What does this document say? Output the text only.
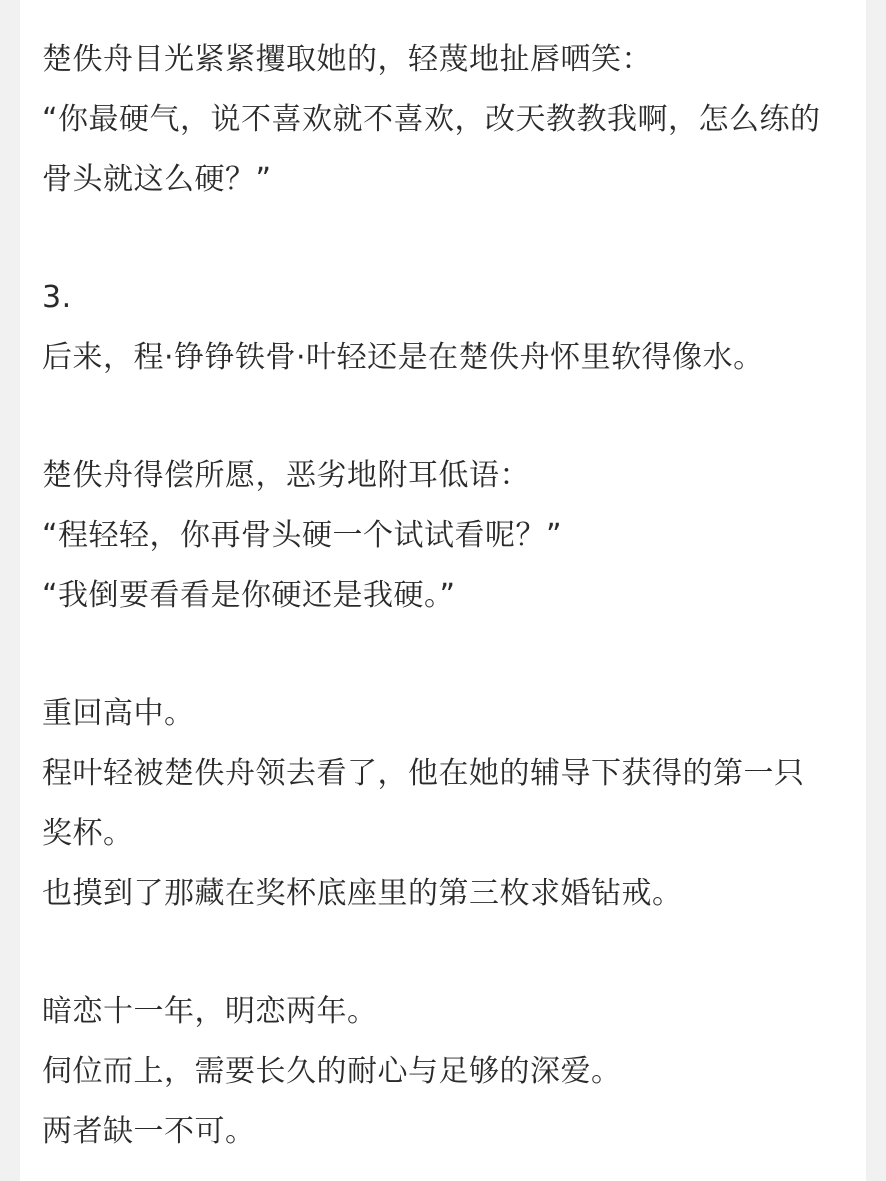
楚佚舟目光紧紧攫取她的，轻蔑地扯唇哂笑：
“你最硬气，说不喜欢就不喜欢，改天教教我啊，怎么练的
骨头就这么硬？”
3.
后来，程·铮铮铁骨·叶轻还是在楚佚舟怀里软得像水。
楚佚舟得偿所愿，恶劣地附耳低语：
“程轻轻，你再骨头硬一个试试看呢？”
“我倒要看看是你硬还是我硬。”
重回高中。
程叶轻被楚佚舟领去看了，他在她的辅导下获得的第一只
奖杯。
也摸到了那藏在奖杯底座里的第三枚求婚钻戒。
暗恋十一年，明恋两年。
伺位而上，需要长久的耐心与足够的深爱。
两者缺一不可。
